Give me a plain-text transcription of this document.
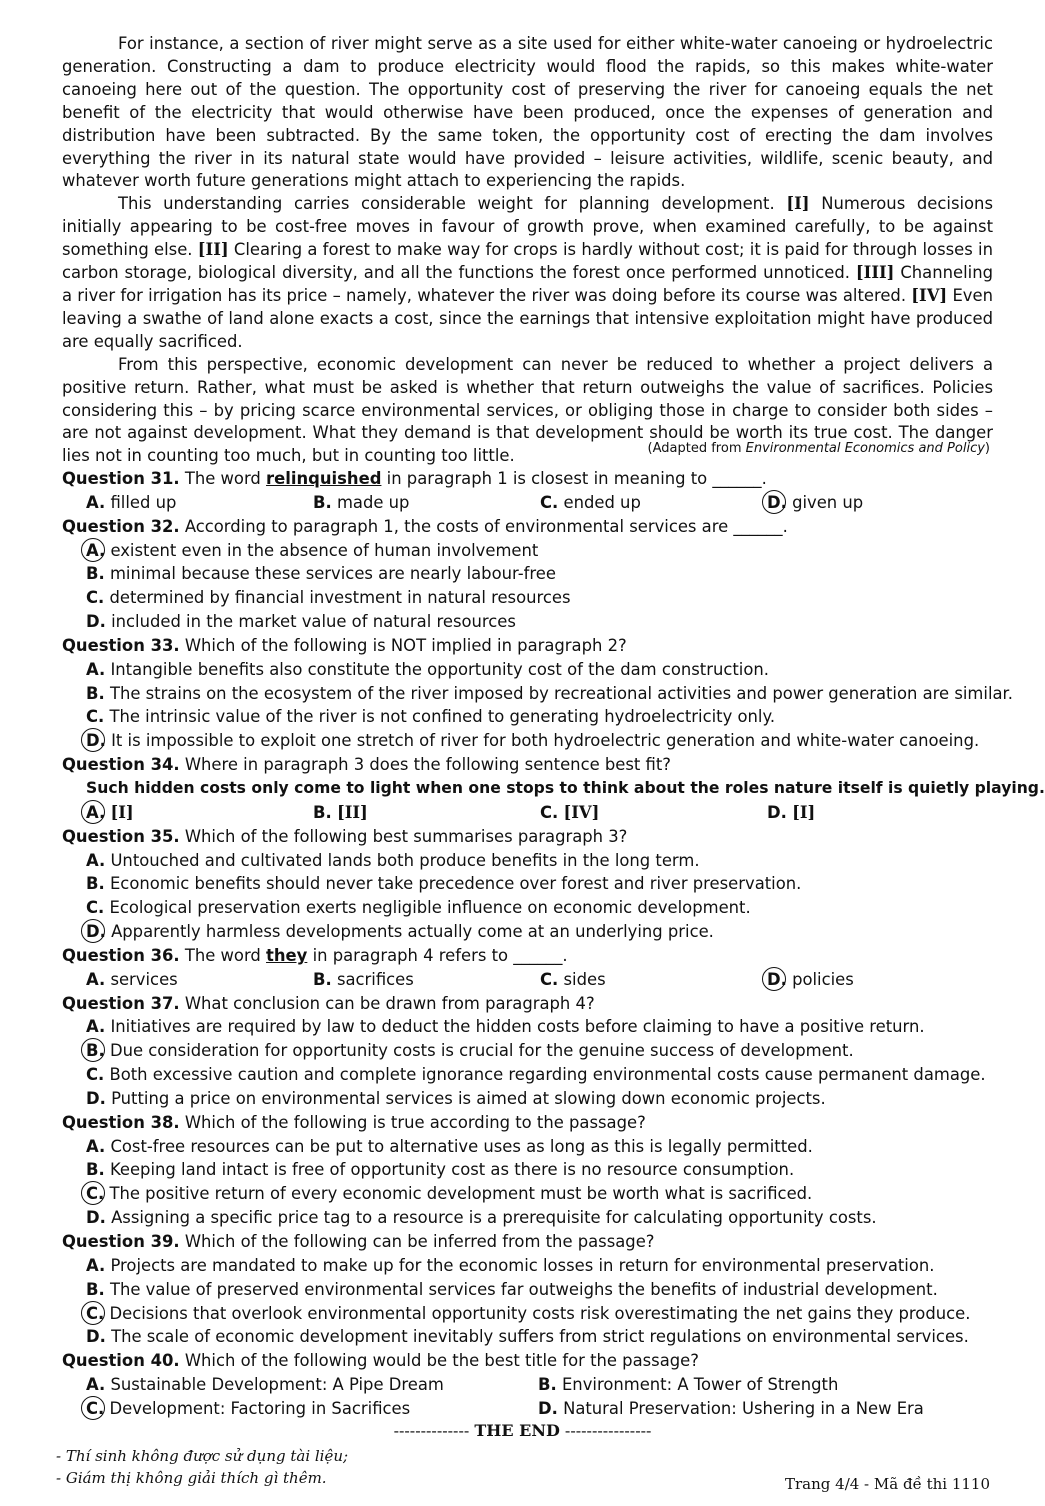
For instance, a section of river might serve as a site used for either white-water canoeing or hydroelectric generation. Constructing a dam to produce electricity would flood the rapids, so this makes white-water canoeing here out of the question. The opportunity cost of preserving the river for canoeing equals the net benefit of the electricity that would otherwise have been produced, once the expenses of generation and distribution have been subtracted. By the same token, the opportunity cost of erecting the dam involves everything the river in its natural state would have provided – leisure activities, wildlife, scenic beauty, and whatever worth future generations might attach to experiencing the rapids.

This understanding carries considerable weight for planning development. [I] Numerous decisions initially appearing to be cost-free moves in favour of growth prove, when examined carefully, to be against something else. [II] Clearing a forest to make way for crops is hardly without cost; it is paid for through losses in carbon storage, biological diversity, and all the functions the forest once performed unnoticed. [III] Channeling a river for irrigation has its price – namely, whatever the river was doing before its course was altered. [IV] Even leaving a swathe of land alone exacts a cost, since the earnings that intensive exploitation might have produced are equally sacrificed.

From this perspective, economic development can never be reduced to whether a project delivers a positive return. Rather, what must be asked is whether that return outweighs the value of sacrifices. Policies considering this – by pricing scarce environmental services, or obliging those in charge to consider both sides – are not against development. What they demand is that development should be worth its true cost. The danger lies not in counting too much, but in counting too little.	(Adapted from Environmental Economics and Policy)
Question 31. The word relinquished in paragraph 1 is closest in meaning to ______.
A. filled up	B. made up	C. ended up	D. given up
Question 32. According to paragraph 1, the costs of environmental services are ______.
A. existent even in the absence of human involvement
B. minimal because these services are nearly labour-free
C. determined by financial investment in natural resources
D. included in the market value of natural resources
Question 33. Which of the following is NOT implied in paragraph 2?
A. Intangible benefits also constitute the opportunity cost of the dam construction.
B. The strains on the ecosystem of the river imposed by recreational activities and power generation are similar.
C. The intrinsic value of the river is not confined to generating hydroelectricity only.
D. It is impossible to exploit one stretch of river for both hydroelectric generation and white-water canoeing.
Question 34. Where in paragraph 3 does the following sentence best fit?
Such hidden costs only come to light when one stops to think about the roles nature itself is quietly playing.
A. [I]	B. [II]	C. [IV]	D. [I]
Question 35. Which of the following best summarises paragraph 3?
A. Untouched and cultivated lands both produce benefits in the long term.
B. Economic benefits should never take precedence over forest and river preservation.
C. Ecological preservation exerts negligible influence on economic development.
D. Apparently harmless developments actually come at an underlying price.
Question 36. The word they in paragraph 4 refers to ______.
A. services	B. sacrifices	C. sides	D. policies
Question 37. What conclusion can be drawn from paragraph 4?
A. Initiatives are required by law to deduct the hidden costs before claiming to have a positive return.
B. Due consideration for opportunity costs is crucial for the genuine success of development.
C. Both excessive caution and complete ignorance regarding environmental costs cause permanent damage.
D. Putting a price on environmental services is aimed at slowing down economic projects.
Question 38. Which of the following is true according to the passage?
A. Cost-free resources can be put to alternative uses as long as this is legally permitted.
B. Keeping land intact is free of opportunity cost as there is no resource consumption.
C. The positive return of every economic development must be worth what is sacrificed.
D. Assigning a specific price tag to a resource is a prerequisite for calculating opportunity costs.
Question 39. Which of the following can be inferred from the passage?
A. Projects are mandated to make up for the economic losses in return for environmental preservation.
B. The value of preserved environmental services far outweighs the benefits of industrial development.
C. Decisions that overlook environmental opportunity costs risk overestimating the net gains they produce.
D. The scale of economic development inevitably suffers from strict regulations on environmental services.
Question 40. Which of the following would be the best title for the passage?
A. Sustainable Development: A Pipe Dream	B. Environment: A Tower of Strength
C. Development: Factoring in Sacrifices	D. Natural Preservation: Ushering in a New Era
-------------- THE END ----------------
- Thí sinh không được sử dụng tài liệu;
- Giám thị không giải thích gì thêm.	Trang 4/4 - Mã đề thi 1110
